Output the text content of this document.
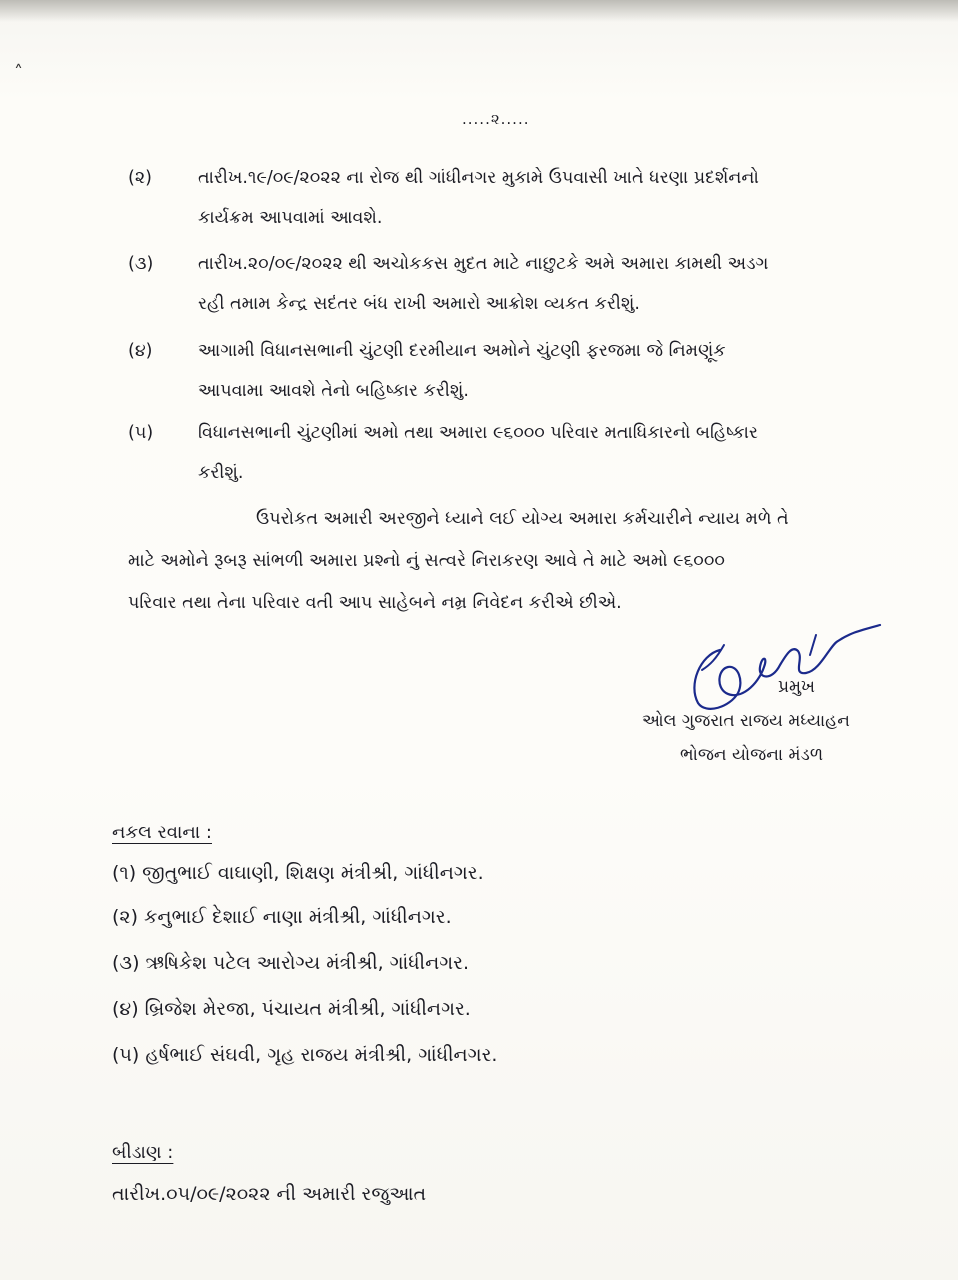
˄
.....૨.....
(૨)	તારીખ.૧૯/૦૯/૨૦૨૨ ના રોજ થી ગાંધીનગર મુકામે ઉપવાસી ખાતે ધરણા પ્રદર્શનનો
કાર્યક્રમ આપવામાં આવશે.
(૩)	તારીખ.૨૦/૦૯/૨૦૨૨ થી અચોકકસ મુદત માટે નાછુટકે અમે અમારા કામથી અડગ
રહી તમામ કેન્દ્ર સદંતર બંધ રાખી અમારો આક્રોશ વ્યકત કરીશું.
(૪)	આગામી વિધાનસભાની ચુંટણી દરમીયાન અમોને ચુંટણી ફરજમા જે નિમણૂંક
આપવામા આવશે તેનો બહિષ્કાર કરીશું.
(૫)	વિધાનસભાની ચુંટણીમાં અમો તથા અમારા ૯૬૦૦૦ પરિવાર મતાધિકારનો બહિષ્કાર
કરીશું.
ઉપરોકત અમારી અરજીને ધ્યાને લઈ યોગ્ય અમારા કર્મચારીને ન્યાય મળે તે
માટે અમોને રૂબરૂ સાંભળી અમારા પ્રશ્નો નું સત્વરે નિરાકરણ આવે તે માટે અમો ૯૬૦૦૦
પરિવાર તથા તેના પરિવાર વતી આપ સાહેબને નમ્ર નિવેદન કરીએ છીએ.
પ્રમુખ
ઓલ ગુજરાત રાજય મધ્યાહન
ભોજન યોજના મંડળ
નકલ રવાના :
(૧) જીતુભાઈ વાઘાણી, શિક્ષણ મંત્રીશ્રી, ગાંધીનગર.
(૨) કનુભાઈ દેશાઈ નાણા મંત્રીશ્રી, ગાંધીનગર.
(૩) ઋષિકેશ પટેલ આરોગ્ય મંત્રીશ્રી, ગાંધીનગર.
(૪) બ્રિજેશ મેરજા, પંચાયત મંત્રીશ્રી, ગાંધીનગર.
(૫) હર્ષભાઈ સંઘવી, ગૃહ રાજય મંત્રીશ્રી, ગાંધીનગર.
બીડાણ :
તારીખ.૦૫/૦૯/૨૦૨૨ ની અમારી રજુઆત
